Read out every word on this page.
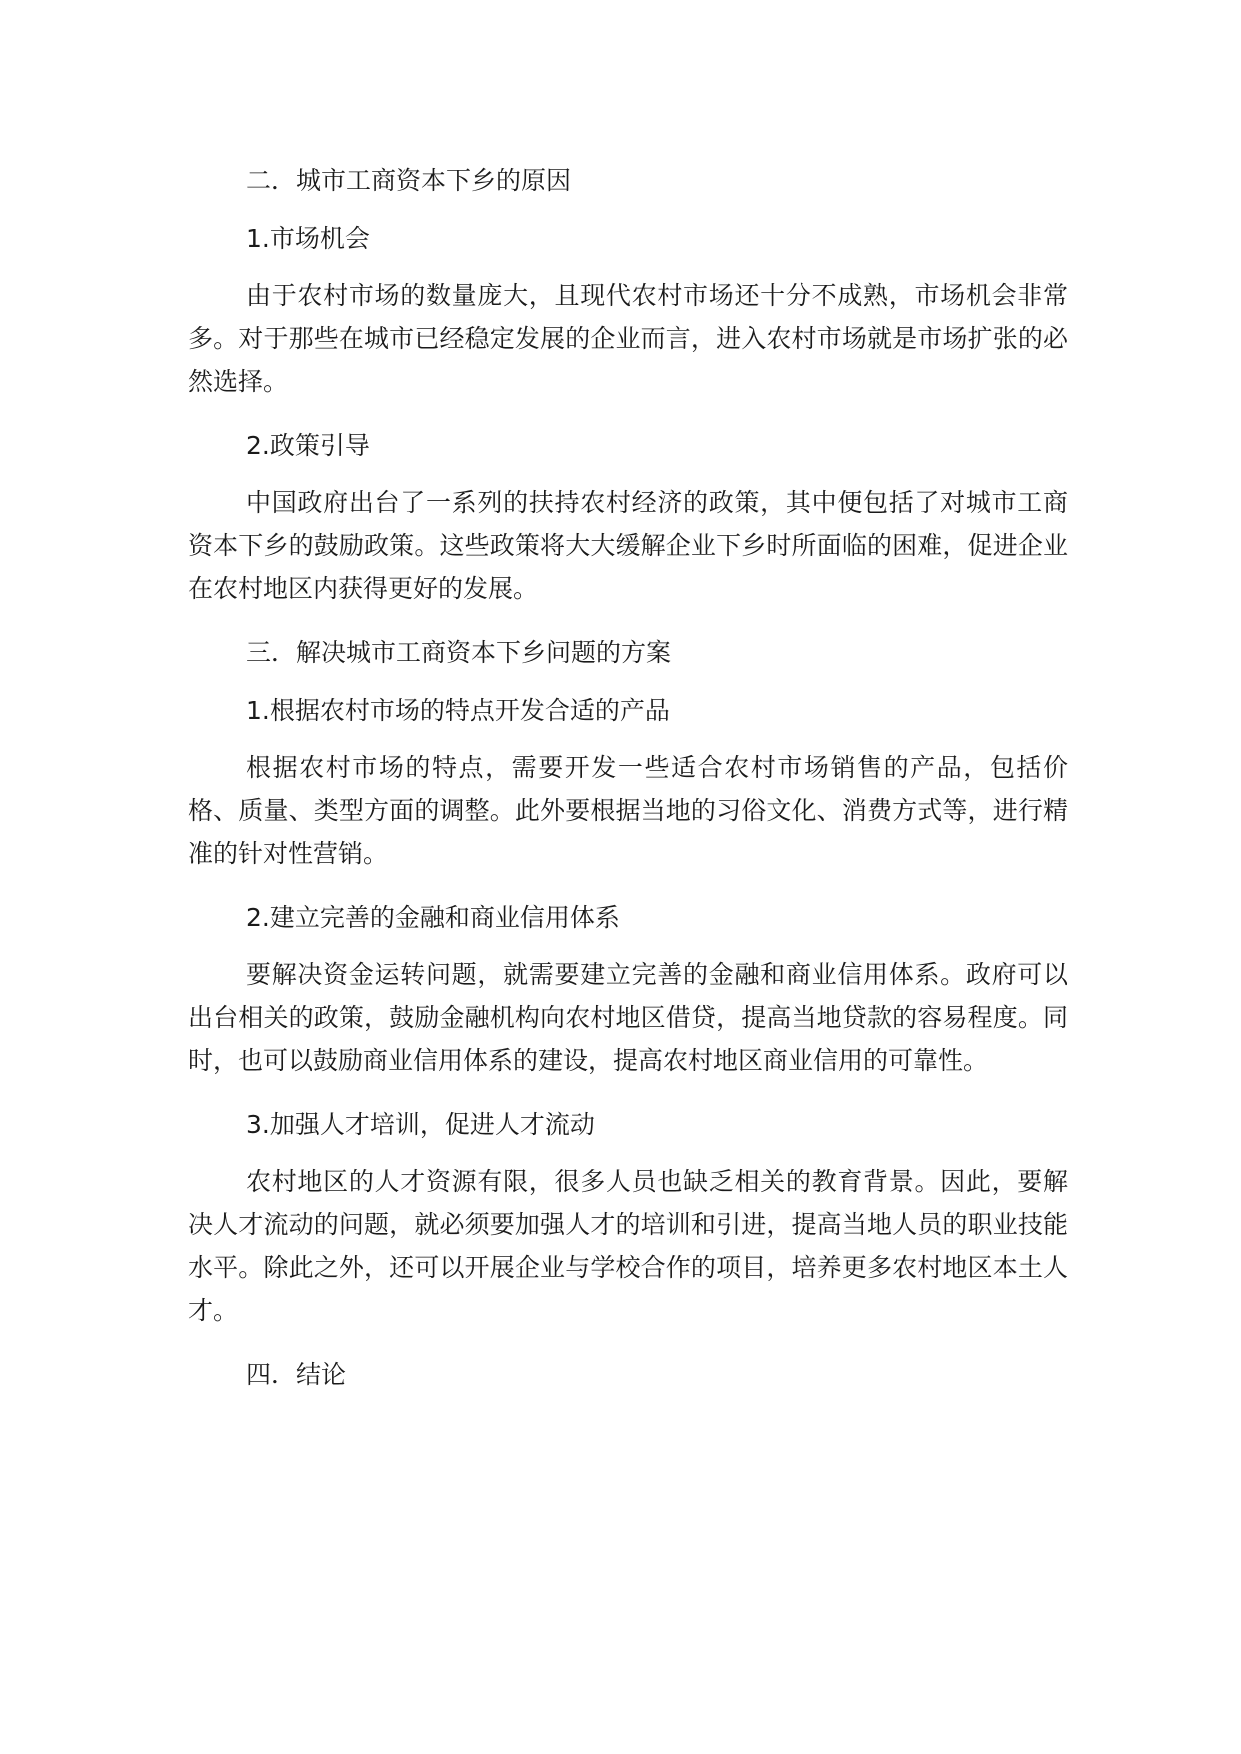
二．城市工商资本下乡的原因
1.市场机会
由于农村市场的数量庞大，且现代农村市场还十分不成熟，市场机会非常多。对于那些在城市已经稳定发展的企业而言，进入农村市场就是市场扩张的必然选择。
2.政策引导
中国政府出台了一系列的扶持农村经济的政策，其中便包括了对城市工商资本下乡的鼓励政策。这些政策将大大缓解企业下乡时所面临的困难，促进企业在农村地区内获得更好的发展。
三．解决城市工商资本下乡问题的方案
1.根据农村市场的特点开发合适的产品
根据农村市场的特点，需要开发一些适合农村市场销售的产品，包括价格、质量、类型方面的调整。此外要根据当地的习俗文化、消费方式等，进行精准的针对性营销。
2.建立完善的金融和商业信用体系
要解决资金运转问题，就需要建立完善的金融和商业信用体系。政府可以出台相关的政策，鼓励金融机构向农村地区借贷，提高当地贷款的容易程度。同时，也可以鼓励商业信用体系的建设，提高农村地区商业信用的可靠性。
3.加强人才培训，促进人才流动
农村地区的人才资源有限，很多人员也缺乏相关的教育背景。因此，要解决人才流动的问题，就必须要加强人才的培训和引进，提高当地人员的职业技能水平。除此之外，还可以开展企业与学校合作的项目，培养更多农村地区本土人才。
四．结论
